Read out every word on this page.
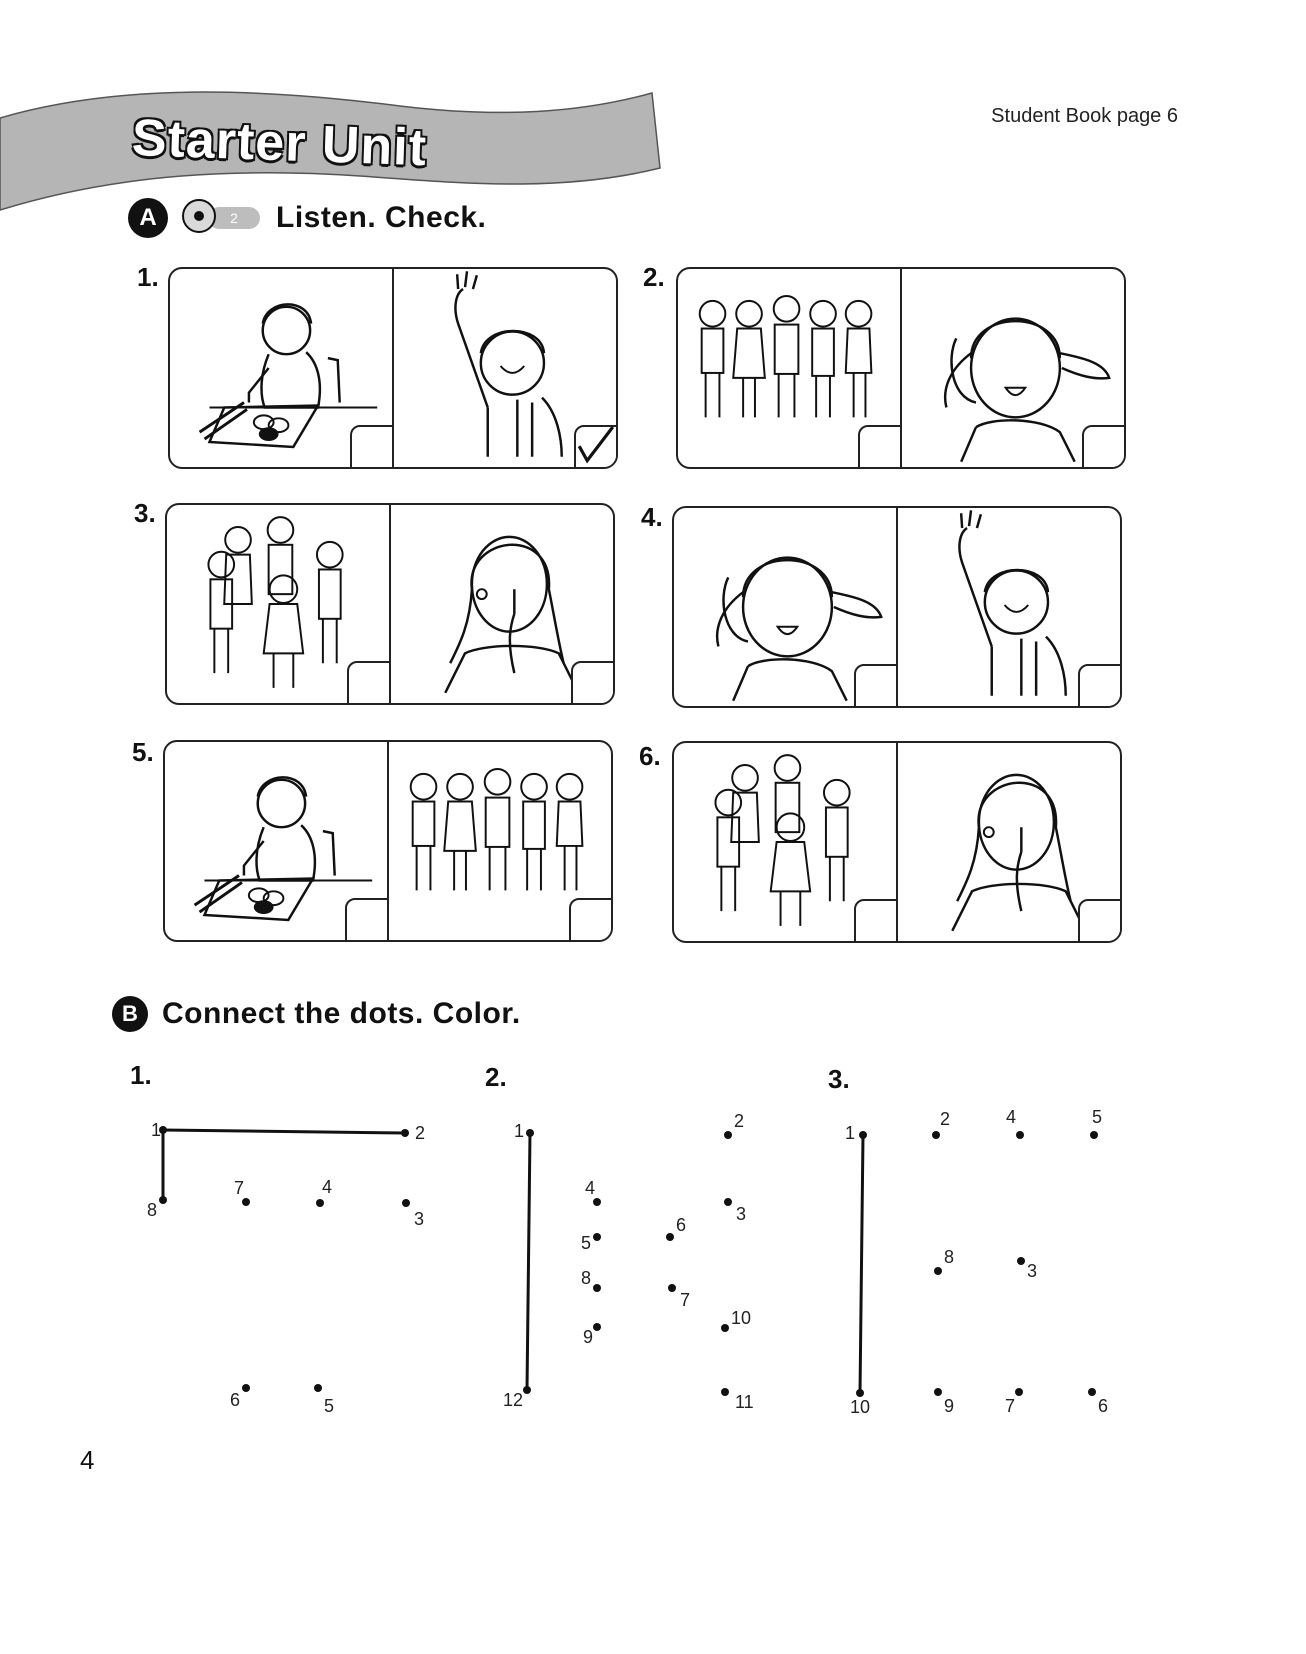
Starter Unit	Student Book page 6
A	2	Listen. Check.
1.	2.
3.	4.
5.	6.
B Connect the dots. Color.
1.	2.	3.
1	2
3
4
5
6
7
8
1	2
3
4
5
6
7
8
9
10
11
12
1
2
3
4	5
6
7
8
9
10
4
